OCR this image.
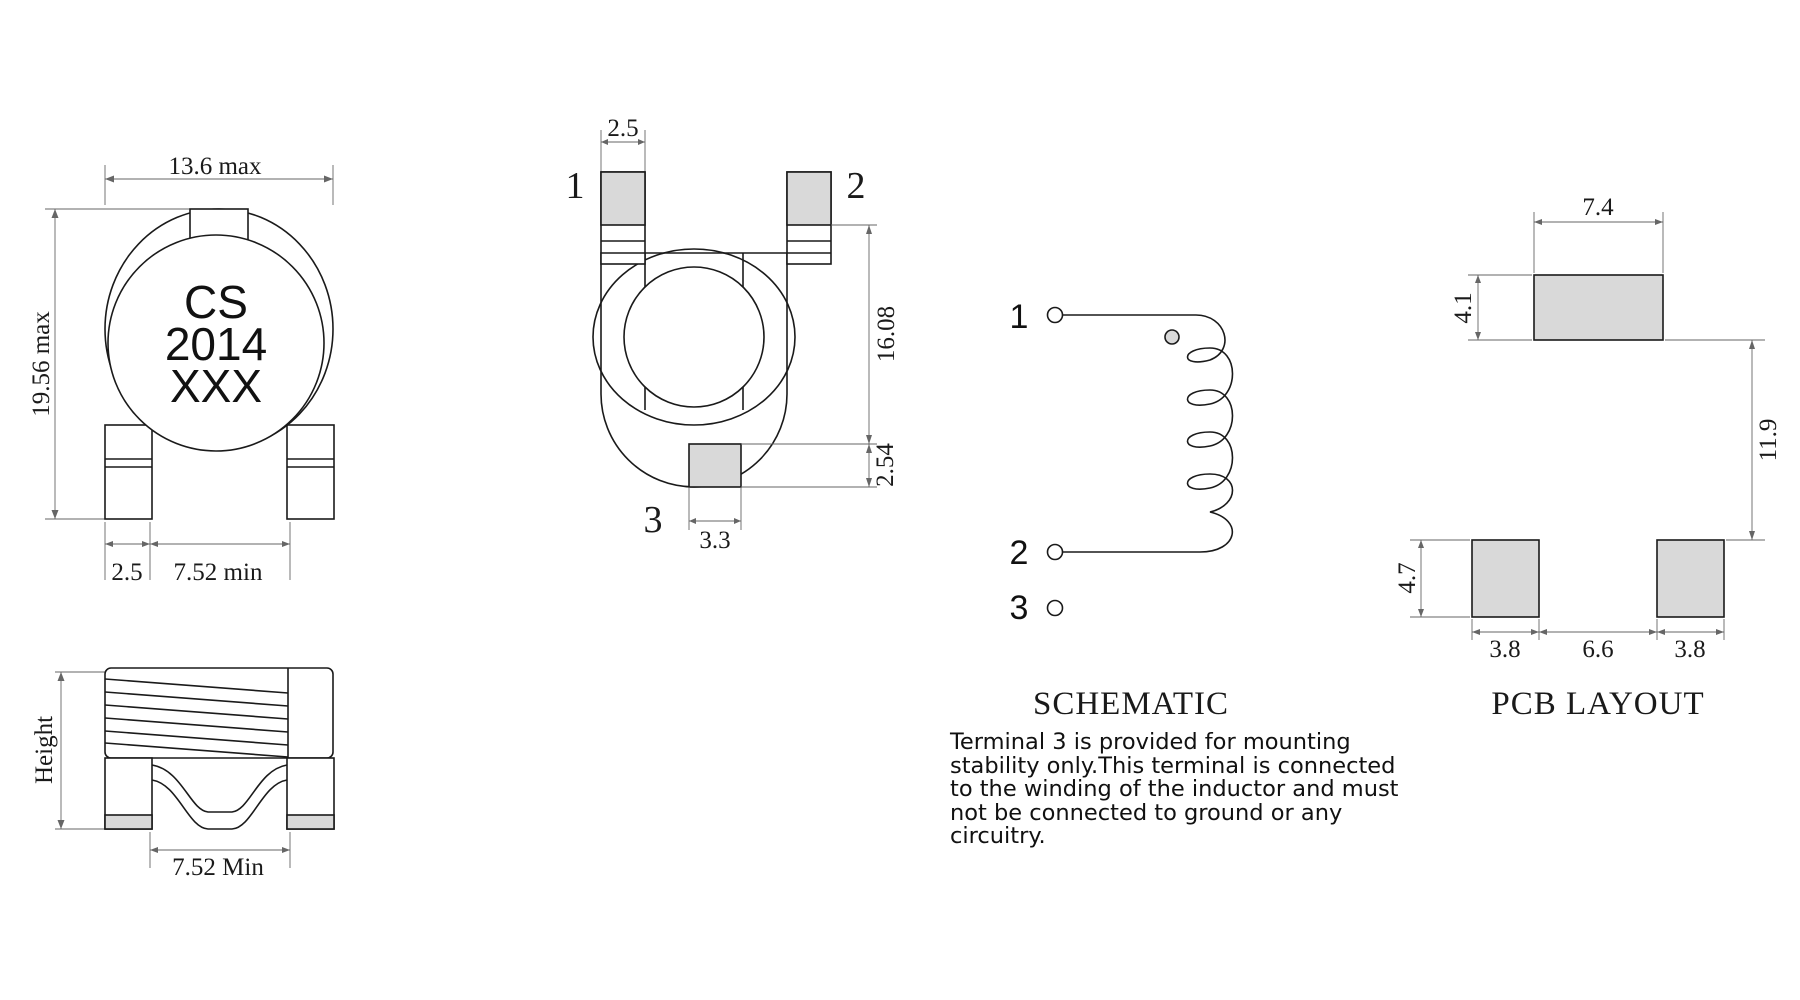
13.6 max
19.56 max
CS
2014
XXX
2.5 7.52 min
Height
7.52 Min
2.5
1	2
3
16.08
2.54
3.3
1
2
3
SCHEMATIC
7.4
4.1
11.9
4.7
3.8 6.6 3.8
PCB LAYOUT

Terminal 3 is provided for mounting stability only.This terminal is connected to the winding of the inductor and must not be connected to ground or any circuitry.
